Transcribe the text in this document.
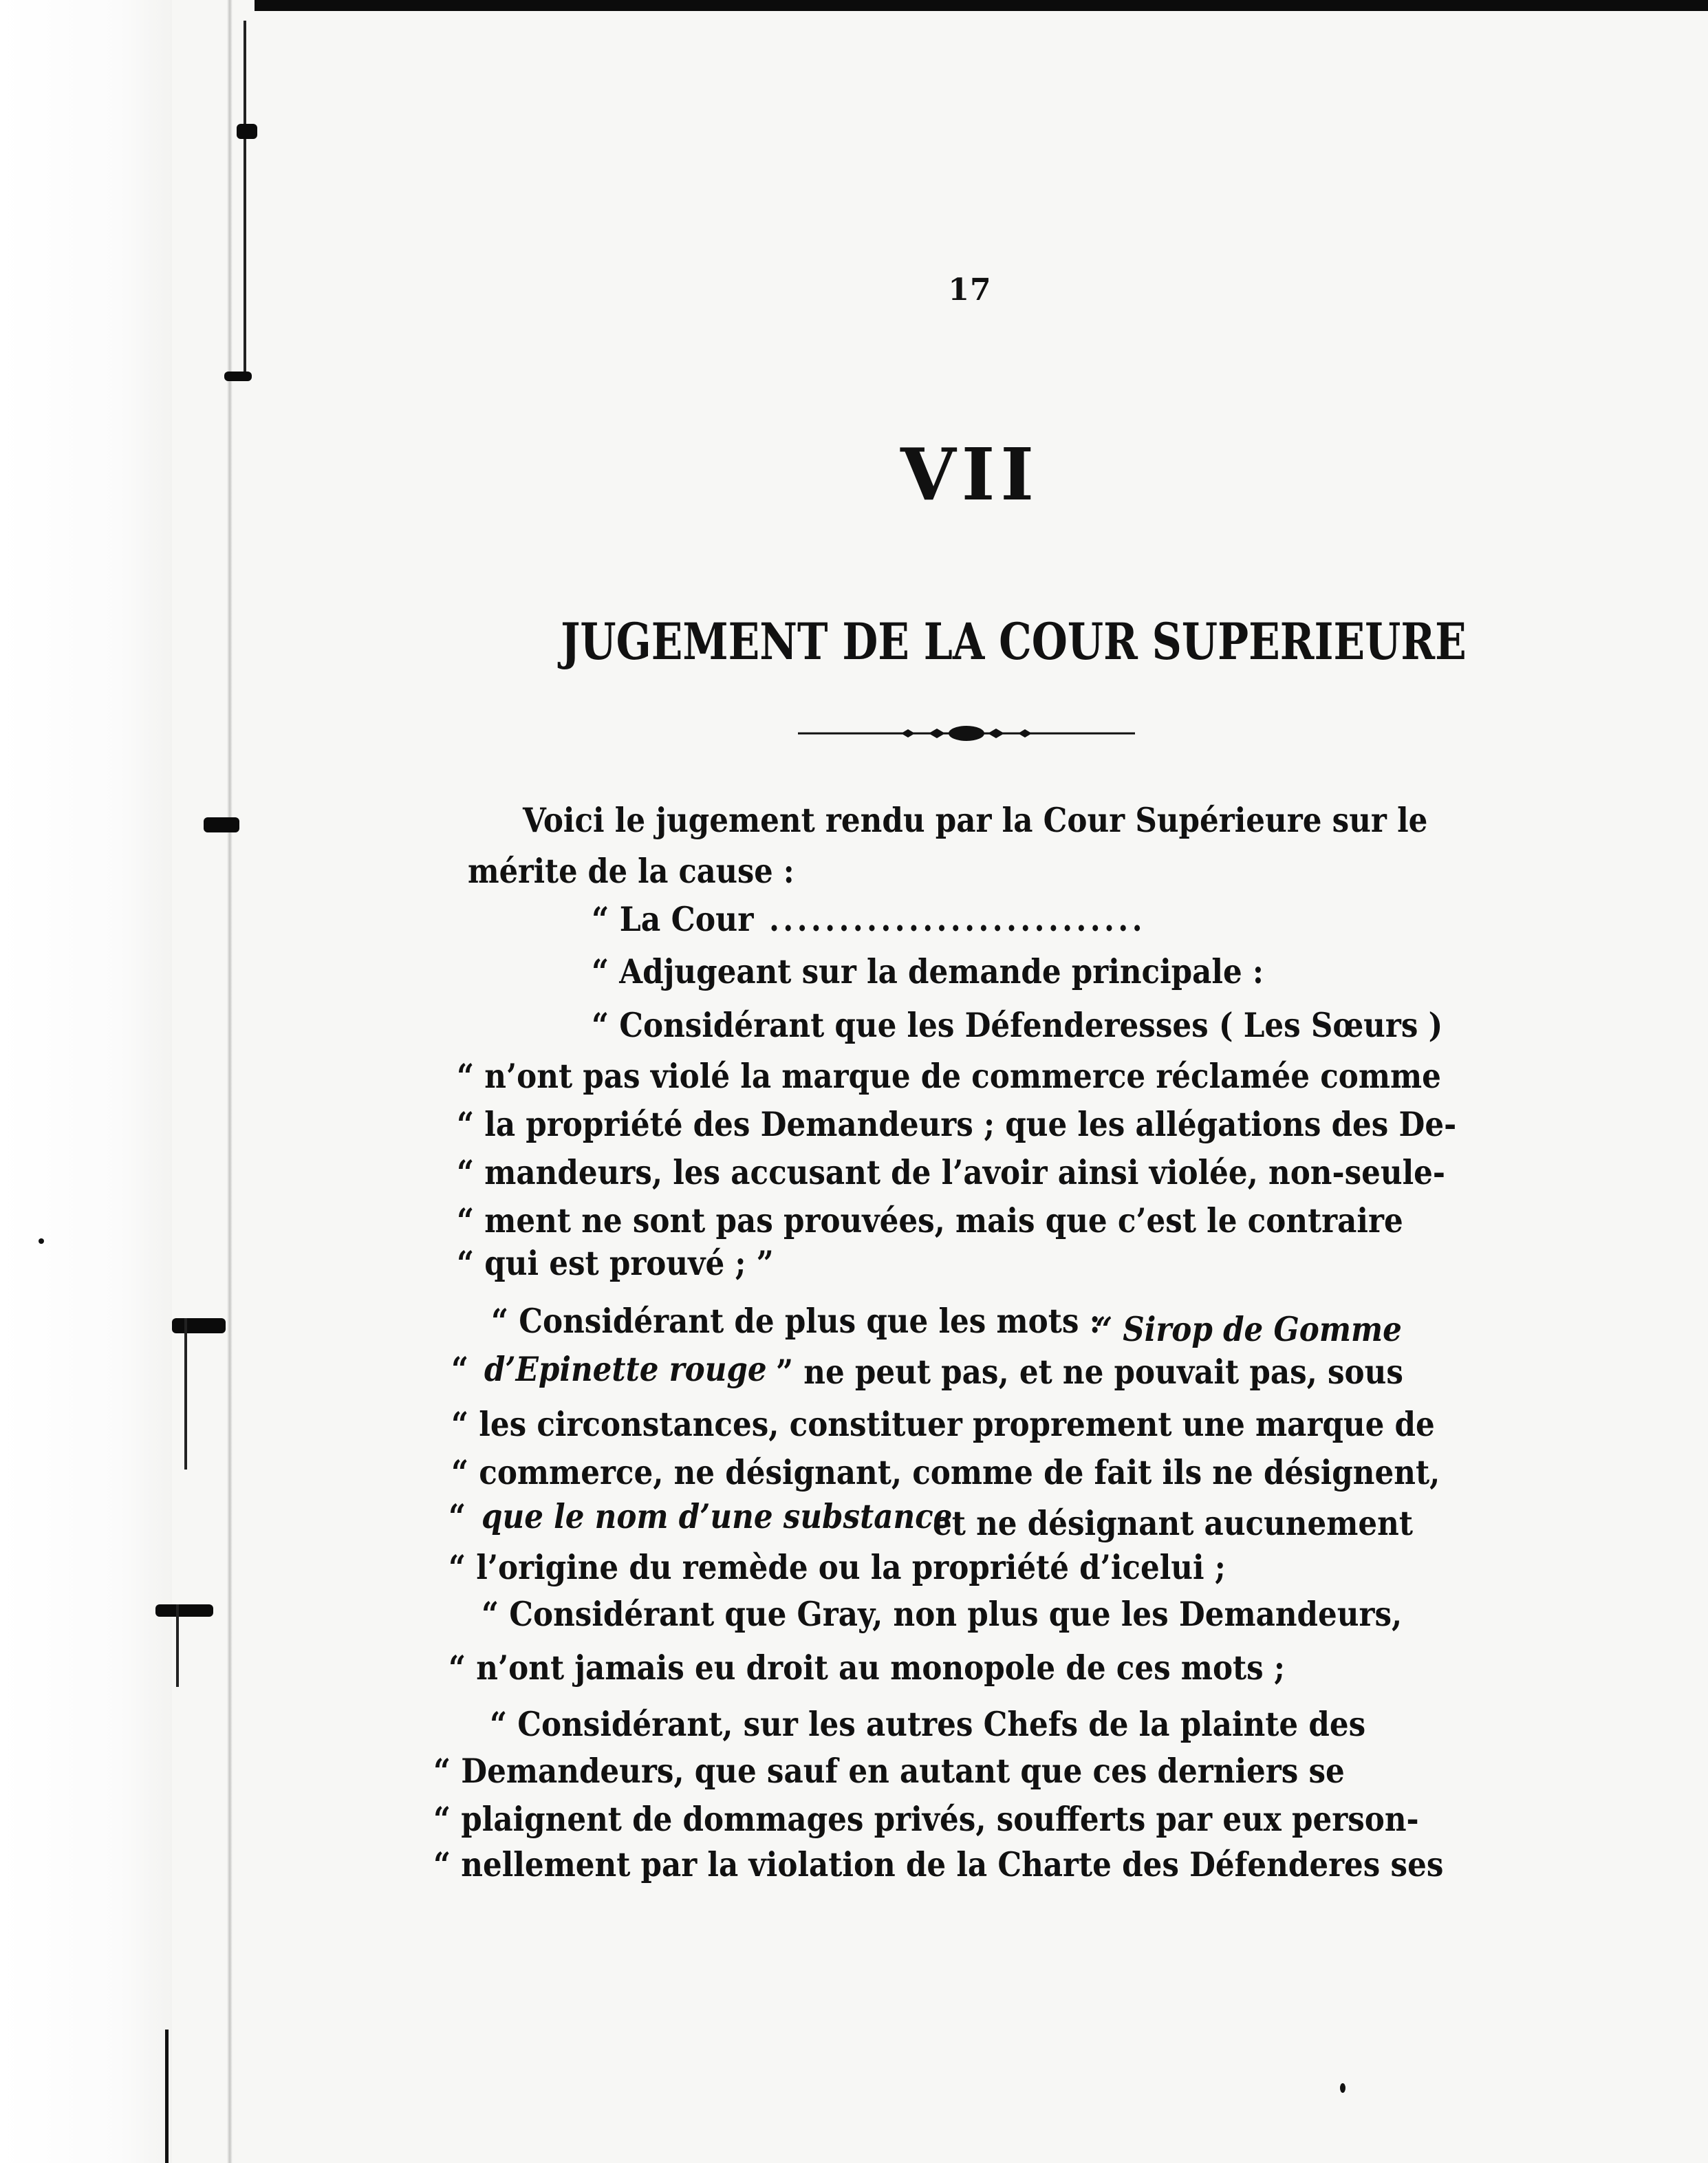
17
VII
JUGEMENT DE LA COUR SUPERIEURE
Voici le jugement rendu par la Cour Supérieure sur le
mérite de la cause :
“ La Cour ...........................
“ Adjugeant sur la demande principale :
“ Considérant que les Défenderesses ( Les Sœurs )
“ n’ont pas violé la marque de commerce réclamée comme
“ la propriété des Demandeurs ; que les allégations des De-
“ mandeurs, les accusant de l’avoir ainsi violée, non-seule-
“ ment ne sont pas prouvées, mais que c’est le contraire
“ qui est prouvé ; ”
“ Considérant de plus que les mots :
“ Sirop de Gomme
“ d’Epinette rouge ” ne peut pas, et ne pouvait pas, sous
“ les circonstances, constituer proprement une marque de
“ commerce, ne désignant, comme de fait ils ne désignent,
“ que le nom d’une substance
et ne désignant aucunement
“ l’origine du remède ou la propriété d’icelui ;
“ Considérant que Gray, non plus que les Demandeurs,
“ n’ont jamais eu droit au monopole de ces mots ;
“ Considérant, sur les autres Chefs de la plainte des
“ Demandeurs, que sauf en autant que ces derniers se
“ plaignent de dommages privés, soufferts par eux person-
“ nellement par la violation de la Charte des Défenderes ses
